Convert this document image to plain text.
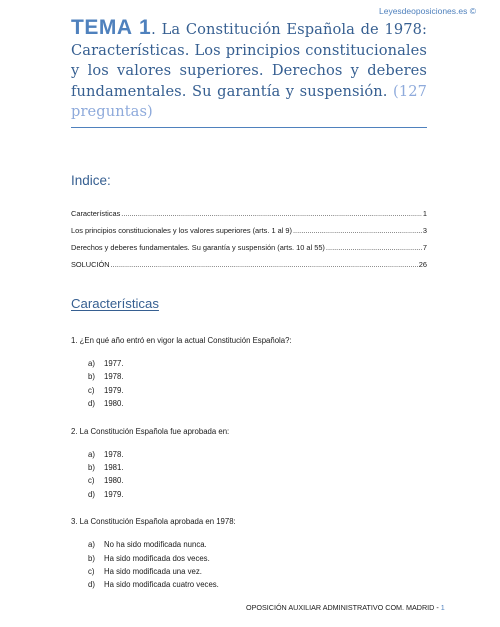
Leyesdeoposiciones.es ©

TEMA 1. La Constitución Española de 1978: Características. Los principios constitucionales y los valores superiores. Derechos y deberes fundamentales. Su garantía y suspensión. (127 preguntas)

Indice:
Características .....	1
Los principios constitucionales y los valores superiores (arts. 1 al 9) .....	3
Derechos y deberes fundamentales. Su garantía y suspensión (arts. 10 al 55) .....	7
SOLUCIÓN .....	26
Características

1. ¿En qué año entró en vigor la actual Constitución Española?:

a)	1977.
b)	1978.
c)	1979.
d)	1980.

2. La Constitución Española fue aprobada en:

a)	1978.
b)	1981.
c)	1980.
d)	1979.

3. La Constitución Española aprobada en 1978:

a)	No ha sido modificada nunca.
b)	Ha sido modificada dos veces.
c)	Ha sido modificada una vez.
d)	Ha sido modificada cuatro veces.
OPOSICIÓN AUXILIAR ADMINISTRATIVO COM. MADRID - 1
